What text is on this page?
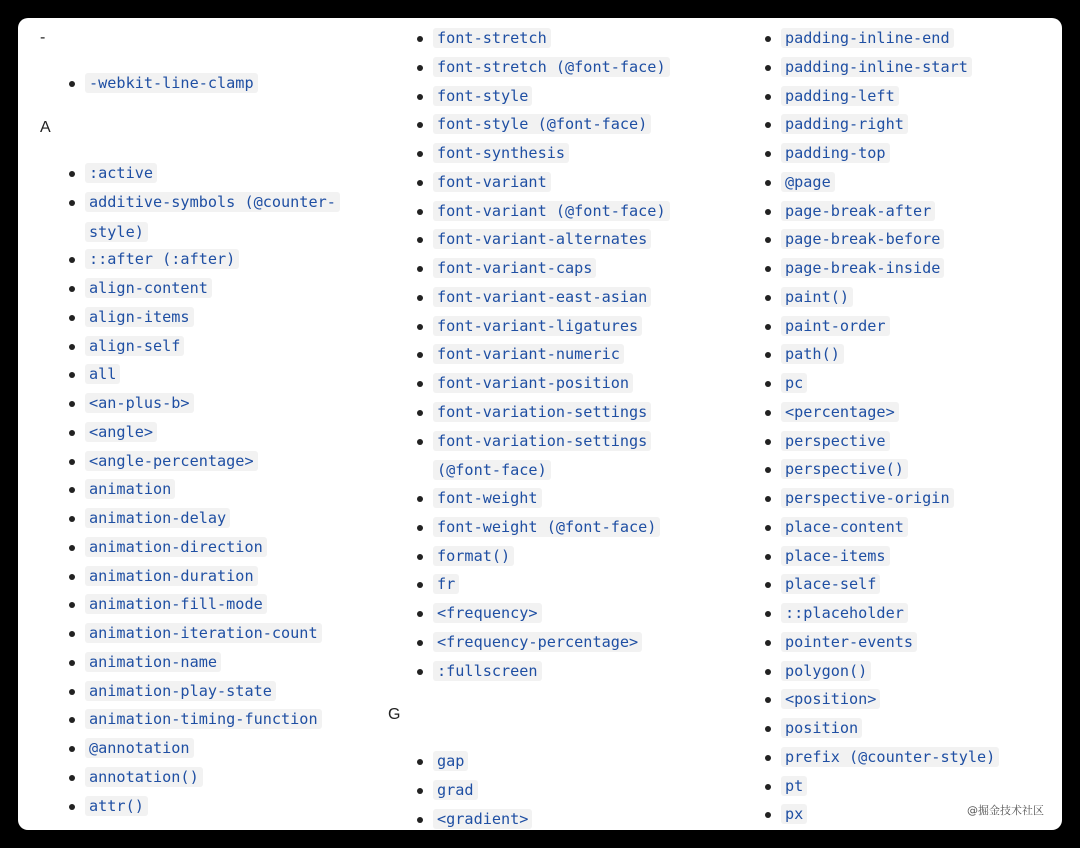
-
-webkit-line-clamp
A
:active
additive-symbols (@counter-style)
::after (:after)
align-content
align-items
align-self
all
<an-plus-b>
<angle>
<angle-percentage>
animation
animation-delay
animation-direction
animation-duration
animation-fill-mode
animation-iteration-count
animation-name
animation-play-state
animation-timing-function
@annotation
annotation()
attr()
font-stretch
font-stretch (@font-face)
font-style
font-style (@font-face)
font-synthesis
font-variant
font-variant (@font-face)
font-variant-alternates
font-variant-caps
font-variant-east-asian
font-variant-ligatures
font-variant-numeric
font-variant-position
font-variation-settings
font-variation-settings (@font-face)
font-weight
font-weight (@font-face)
format()
fr
<frequency>
<frequency-percentage>
:fullscreen
G
gap
grad
<gradient>
padding-inline-end
padding-inline-start
padding-left
padding-right
padding-top
@page
page-break-after
page-break-before
page-break-inside
paint()
paint-order
path()
pc
<percentage>
perspective
perspective()
perspective-origin
place-content
place-items
place-self
::placeholder
pointer-events
polygon()
<position>
position
prefix (@counter-style)
pt
px	@掘金技术社区
